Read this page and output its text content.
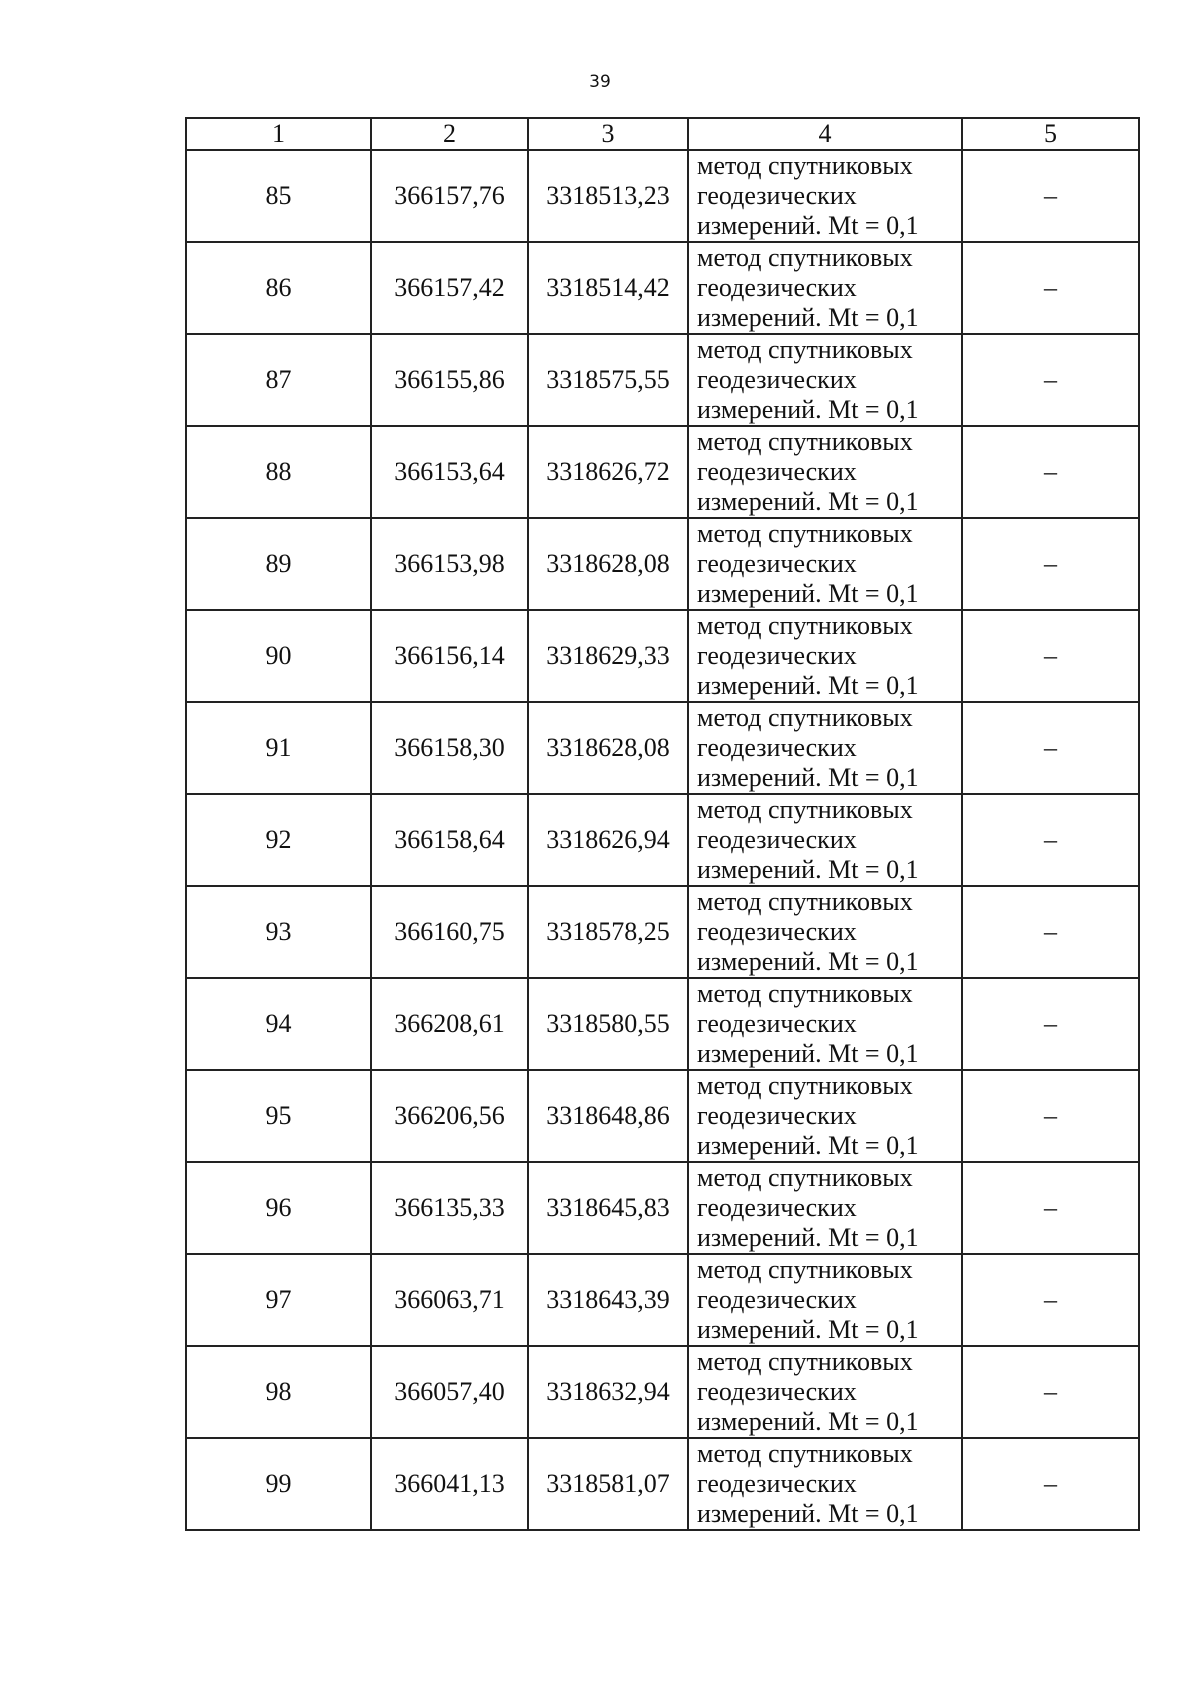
39
1	2	3	4	5
85	366157,76	3318513,23	метод спутниковых
геодезических
измерений. Mt = 0,1	–
86	366157,42	3318514,42	метод спутниковых
геодезических
измерений. Mt = 0,1	–
87	366155,86	3318575,55	метод спутниковых
геодезических
измерений. Mt = 0,1	–
88	366153,64	3318626,72	метод спутниковых
геодезических
измерений. Mt = 0,1	–
89	366153,98	3318628,08	метод спутниковых
геодезических
измерений. Mt = 0,1	–
90	366156,14	3318629,33	метод спутниковых
геодезических
измерений. Mt = 0,1	–
91	366158,30	3318628,08	метод спутниковых
геодезических
измерений. Mt = 0,1	–
92	366158,64	3318626,94	метод спутниковых
геодезических
измерений. Mt = 0,1	–
93	366160,75	3318578,25	метод спутниковых
геодезических
измерений. Mt = 0,1	–
94	366208,61	3318580,55	метод спутниковых
геодезических
измерений. Mt = 0,1	–
95	366206,56	3318648,86	метод спутниковых
геодезических
измерений. Mt = 0,1	–
96	366135,33	3318645,83	метод спутниковых
геодезических
измерений. Mt = 0,1	–
97	366063,71	3318643,39	метод спутниковых
геодезических
измерений. Mt = 0,1	–
98	366057,40	3318632,94	метод спутниковых
геодезических
измерений. Mt = 0,1	–
99	366041,13	3318581,07	метод спутниковых
геодезических
измерений. Mt = 0,1	–
